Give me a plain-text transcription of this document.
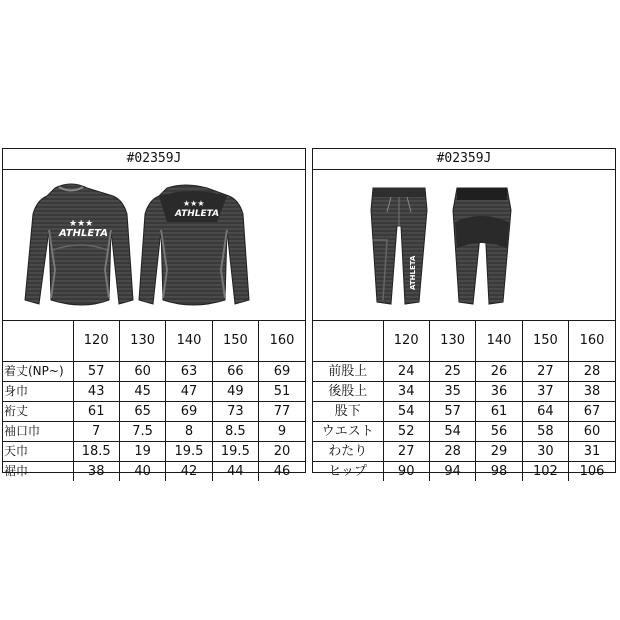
#02359J
★★★
ATHLETA
★★★
ATHLETA
	120	130	140	150	160
着丈(NP~)	57	60	63	66	69
身巾	43	45	47	49	51
裄丈	61	65	69	73	77
袖口巾	7	7.5	8	8.5	9
天巾	18.5	19	19.5	19.5	20
裾巾	38	40	42	44	46
#02359J
ATHLETA
	120	130	140	150	160
前股上	24	25	26	27	28
後股上	34	35	36	37	38
股下	54	57	61	64	67
ウエスト	52	54	56	58	60
わたり	27	28	29	30	31
ヒップ	90	94	98	102	106
